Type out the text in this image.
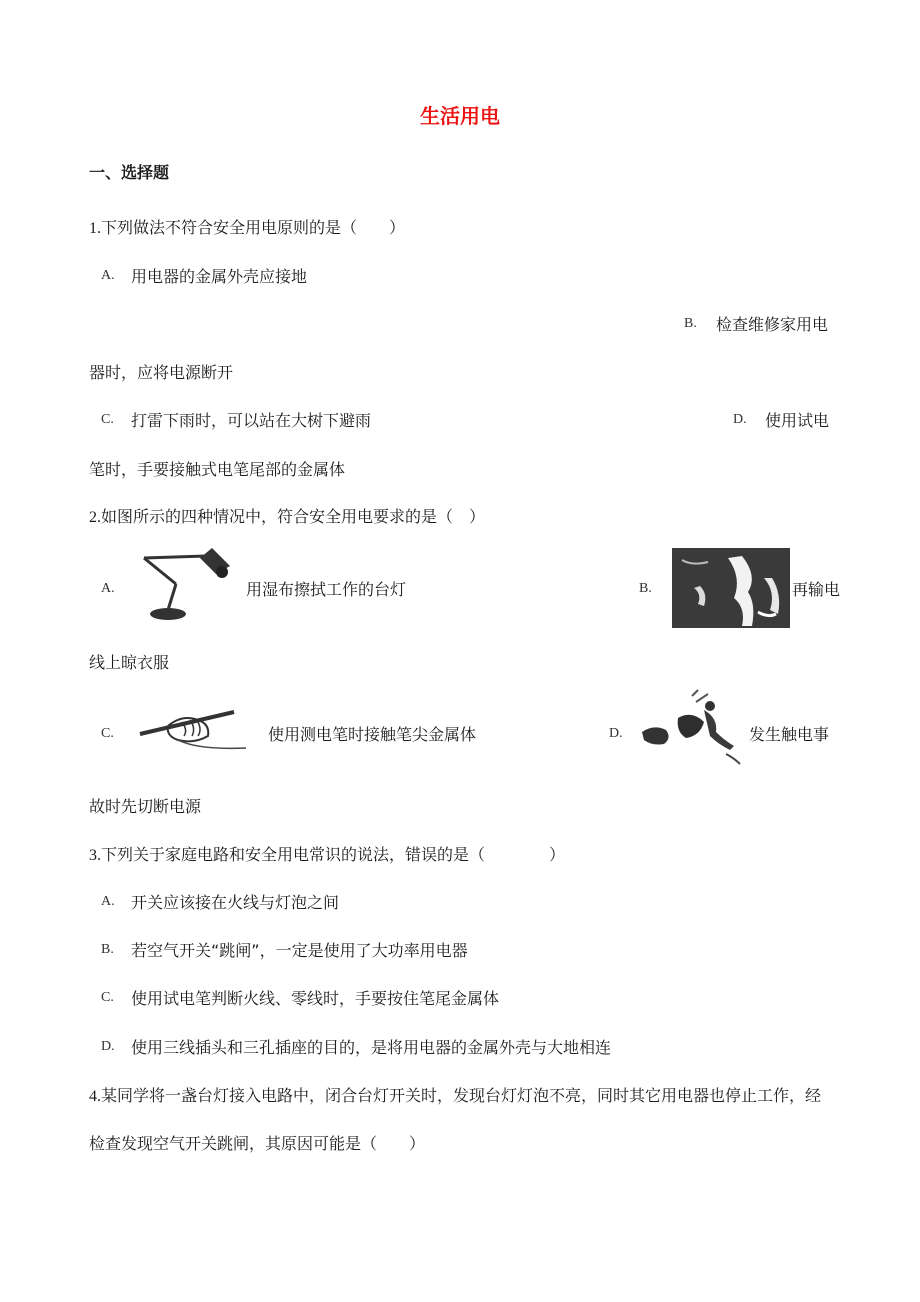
生活用电
一、选择题
1.下列做法不符合安全用电原则的是（　　）
A. 用电器的金属外壳应接地
B. 检查维修家用电
器时，应将电源断开
C. 打雷下雨时，可以站在大树下避雨	D. 使用试电
笔时，手要接触式电笔尾部的金属体
2.如图所示的四种情况中，符合安全用电要求的是（　）
A.	用湿布擦拭工作的台灯	B.	再输电
线上晾衣服
C.	使用测电笔时接触笔尖金属体	D.	发生触电事
故时先切断电源
3.下列关于家庭电路和安全用电常识的说法，错误的是（　　　　）
A. 开关应该接在火线与灯泡之间
B. 若空气开关“跳闸”，一定是使用了大功率用电器
C. 使用试电笔判断火线、零线时，手要按住笔尾金属体
D. 使用三线插头和三孔插座的目的，是将用电器的金属外壳与大地相连
4.某同学将一盏台灯接入电路中，闭合台灯开关时，发现台灯灯泡不亮，同时其它用电器也停止工作，经
检查发现空气开关跳闸，其原因可能是（　　）
